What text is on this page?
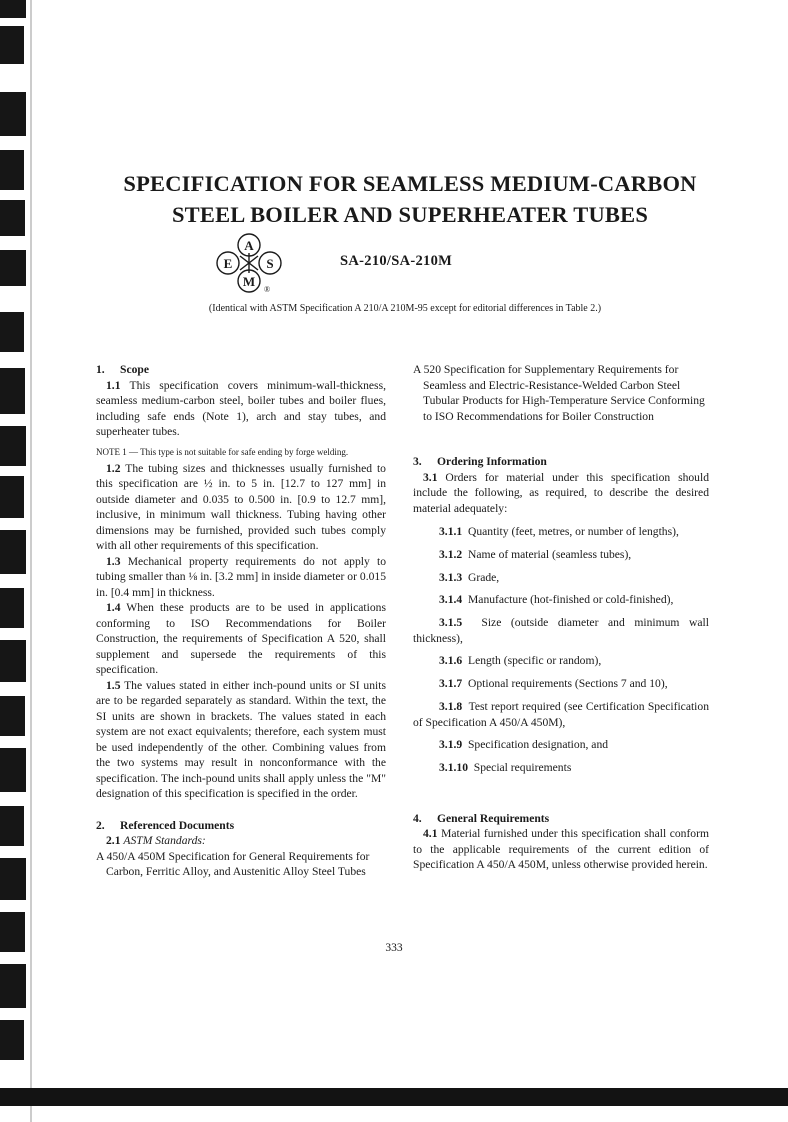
SPECIFICATION FOR SEAMLESS MEDIUM-CARBON
STEEL BOILER AND SUPERHEATER TUBES
A
E	S
M
®
SA-210/SA-210M
(Identical with ASTM Specification A 210/A 210M-95 except for editorial differences in Table 2.)

1. Scope

1.1 This specification covers minimum-wall-thickness, seamless medium-carbon steel, boiler tubes and boiler flues, including safe ends (Note 1), arch and stay tubes, and superheater tubes.

NOTE 1 — This type is not suitable for safe ending by forge welding.

1.2 The tubing sizes and thicknesses usually furnished to this specification are ½ in. to 5 in. [12.7 to 127 mm] in outside diameter and 0.035 to 0.500 in. [0.9 to 12.7 mm], inclusive, in minimum wall thickness. Tubing having other dimensions may be furnished, provided such tubes comply with all other requirements of this specification.

1.3 Mechanical property requirements do not apply to tubing smaller than ⅛ in. [3.2 mm] in inside diameter or 0.015 in. [0.4 mm] in thickness.

1.4 When these products are to be used in applications conforming to ISO Recommendations for Boiler Construction, the requirements of Specification A 520, shall supplement and supersede the requirements of this specification.

1.5 The values stated in either inch-pound units or SI units are to be regarded separately as standard. Within the text, the SI units are shown in brackets. The values stated in each system are not exact equivalents; therefore, each system must be used independently of the other. Combining values from the two systems may result in nonconformance with the specification. The inch-pound units shall apply unless the "M" designation of this specification is specified in the order.

2. Referenced Documents

2.1 ASTM Standards:

A 450/A 450M Specification for General Requirements for Carbon, Ferritic Alloy, and Austenitic Alloy Steel Tubes

A 520 Specification for Supplementary Requirements for Seamless and Electric-Resistance-Welded Carbon Steel Tubular Products for High-Temperature Service Conforming to ISO Recommendations for Boiler Construction

3. Ordering Information

3.1 Orders for material under this specification should include the following, as required, to describe the desired material adequately:

3.1.1 Quantity (feet, metres, or number of lengths),

3.1.2 Name of material (seamless tubes),

3.1.3 Grade,

3.1.4 Manufacture (hot-finished or cold-finished),

3.1.5 Size (outside diameter and minimum wall thickness),

3.1.6 Length (specific or random),

3.1.7 Optional requirements (Sections 7 and 10),

3.1.8 Test report required (see Certification Specification of Specification A 450/A 450M),

3.1.9 Specification designation, and

3.1.10 Special requirements

4. General Requirements

4.1 Material furnished under this specification shall conform to the applicable requirements of the current edition of Specification A 450/A 450M, unless otherwise provided herein.

333
